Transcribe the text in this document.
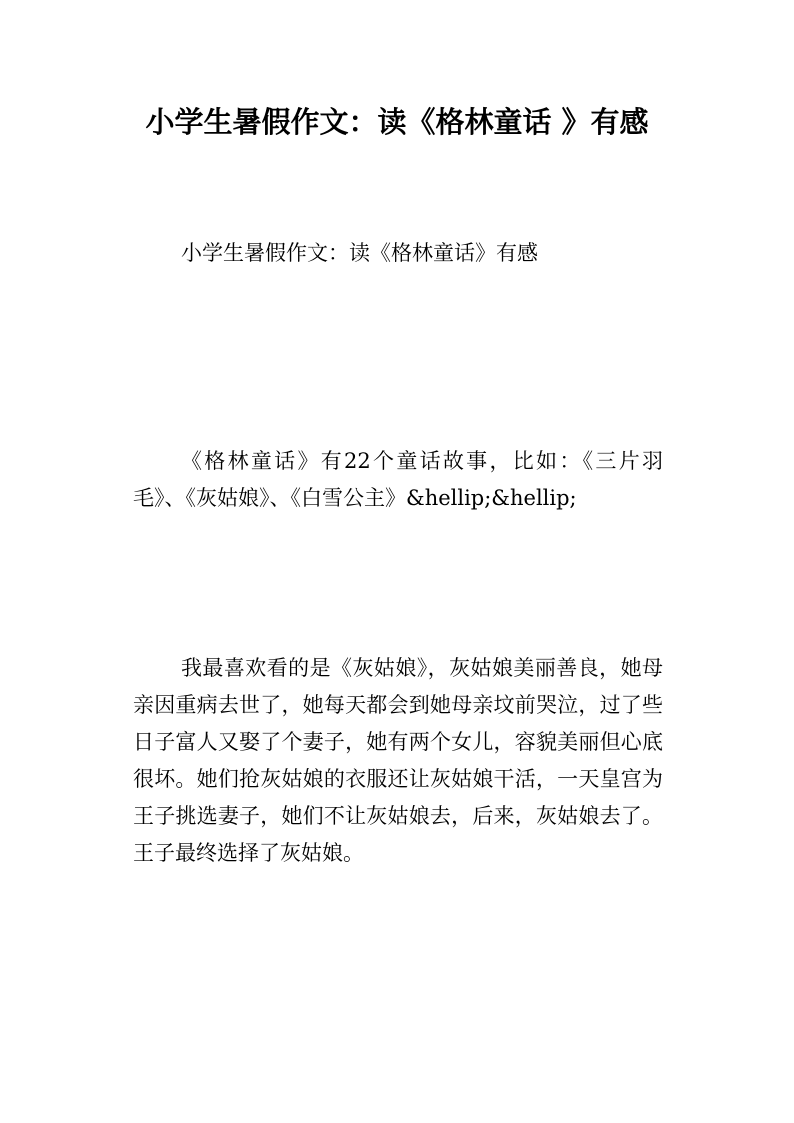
小学生暑假作文：读《格林童话 》有感

小学生暑假作文：读《格林童话》有感

《格林童话》有22个童话故事，比如：《三片羽毛》、《灰姑娘》、《白雪公主》&hellip;&hellip;

我最喜欢看的是《灰姑娘》，灰姑娘美丽善良，她母亲因重病去世了，她每天都会到她母亲坟前哭泣，过了些日子富人又娶了个妻子，她有两个女儿，容貌美丽但心底很坏。她们抢灰姑娘的衣服还让灰姑娘干活，一天皇宫为王子挑选妻子，她们不让灰姑娘去，后来，灰姑娘去了。王子最终选择了灰姑娘。
